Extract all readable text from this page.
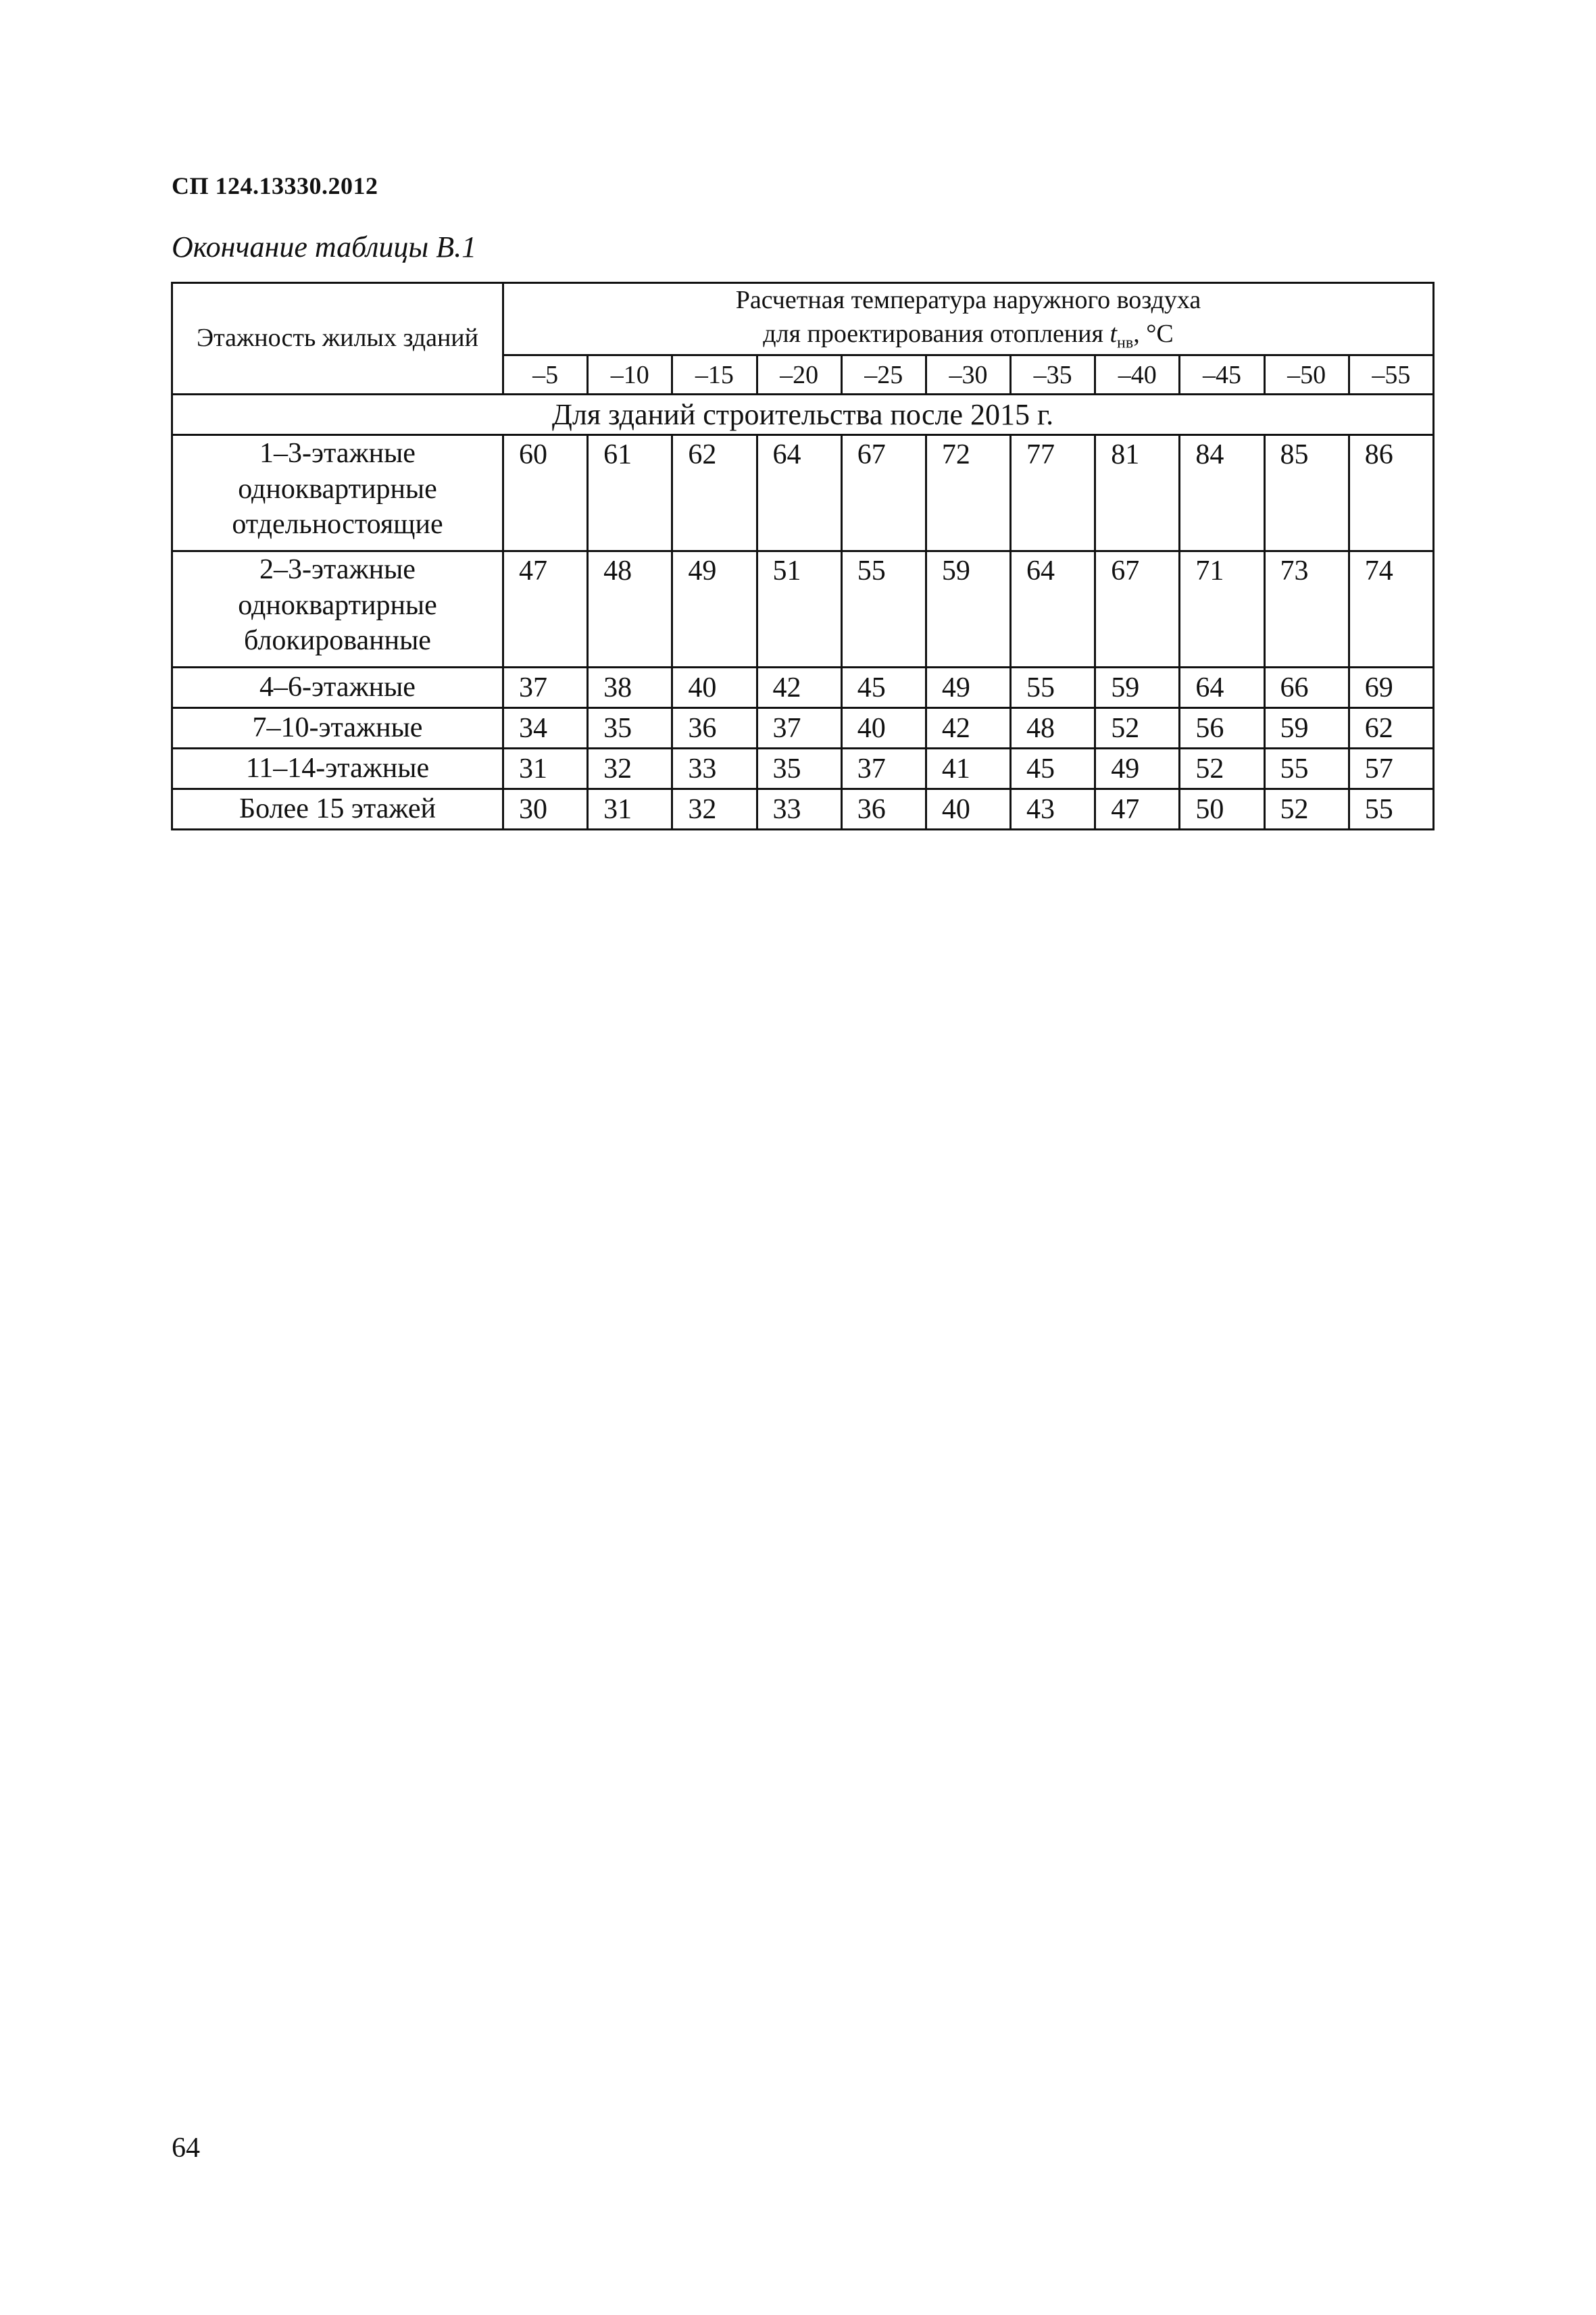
СП 124.13330.2012
Окончание таблицы В.1
Этажность жилых зданий	Расчетная температура наружного воздуха
для проектирования отопления $t_{нв}$, °С										
	–5	–10	–15	–20	–25	–30	–35	–40	–45	–50	–55
Для зданий строительства после 2015 г.											
1–3-этажные одноквартирные отдельностоящие	60	61	62	64	67	72	77	81	84	85	86
2–3-этажные одноквартирные блокированные	47	48	49	51	55	59	64	67	71	73	74
4–6-этажные	37	38	40	42	45	49	55	59	64	66	69
7–10-этажные	34	35	36	37	40	42	48	52	56	59	62
11–14-этажные	31	32	33	35	37	41	45	49	52	55	57
Более 15 этажей	30	31	32	33	36	40	43	47	50	52	55
64
